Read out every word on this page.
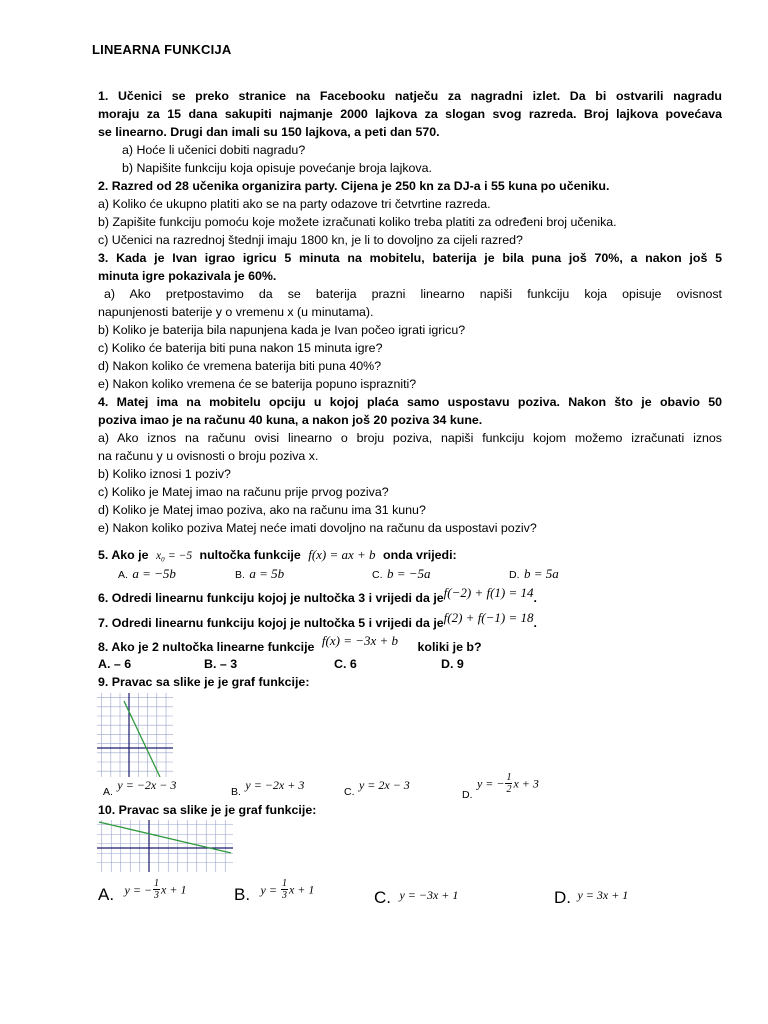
LINEARNA FUNKCIJA
1. Učenici se preko stranice na Facebooku natječu za nagradni izlet. Da bi ostvarili nagradu
moraju za 15 dana sakupiti najmanje 2000 lajkova za slogan svog razreda. Broj lajkova povećava
se linearno. Drugi dan imali su 150 lajkova, a peti dan 570.
a) Hoće li učenici dobiti nagradu?
b) Napišite funkciju koja opisuje povećanje broja lajkova.
2. Razred od 28 učenika organizira party. Cijena je 250 kn za DJ-a i 55 kuna po učeniku.
a) Koliko će ukupno platiti ako se na party odazove tri četvrtine razreda.
b) Zapišite funkciju pomoću koje možete izračunati koliko treba platiti za određeni broj učenika.
c) Učenici na razrednoj štednji imaju 1800 kn, je li to dovoljno za cijeli razred?
3. Kada je Ivan igrao igricu 5 minuta na mobitelu, baterija je bila puna još 70%, a nakon još 5
minuta igre pokazivala je 60%.
a) Ako pretpostavimo da se baterija prazni linearno napiši funkciju koja opisuje ovisnost
napunjenosti baterije y o vremenu x (u minutama).
b) Koliko je baterija bila napunjena kada je Ivan počeo igrati igricu?
c) Koliko će baterija biti puna nakon 15 minuta igre?
d) Nakon koliko će vremena baterija biti puna 40%?
e) Nakon koliko vremena će se baterija popuno isprazniti?
4. Matej ima na mobitelu opciju u kojoj plaća samo uspostavu poziva. Nakon što je obavio 50
poziva imao je na računu 40 kuna, a nakon još 20 poziva 34 kune.
a) Ako iznos na računu ovisi linearno o broju poziva, napiši funkciju kojom možemo izračunati iznos
na računu y u ovisnosti o broju poziva x.
b) Koliko iznosi 1 poziv?
c) Koliko je Matej imao na računu prije prvog poziva?
d) Koliko je Matej imao poziva, ako na računu ima 31 kunu?
e) Nakon koliko poziva Matej neće imati dovoljno na računu da uspostavi poziv?
5. Ako je x₀ = −5 nultočka funkcije f(x) = ax + b onda vrijedi:
A. a = −5b	B. a = 5b	C. b = −5a	D. b = 5a
6. Odredi linearnu funkciju kojoj je nultočka 3 i vrijedi da jef(−2) + f(1) = 14.
7. Odredi linearnu funkciju kojoj je nultočka 5 i vrijedi da jef(2) + f(−1) = 18.
8. Ako je 2 nultočka linearne funkcije f(x) = −3x + b koliki je b?
A. – 6	B. – 3	C. 6	D. 9
9. Pravac sa slike je je graf funkcije:
A. $^{y = -2x - 3}$	B. $^{y = -2x + 3}$	C. $^{y = 2x - 3}$
$_{D.}$ y = − $\frac{1}{2}$ x + 3
10. Pravac sa slike je je graf funkcije:
A. y = − $\frac{1}{3}$ x + 1	B. $y = \frac{1}{3}$ x + 1	C. y = −3x + 1	D. y = 3x + 1
